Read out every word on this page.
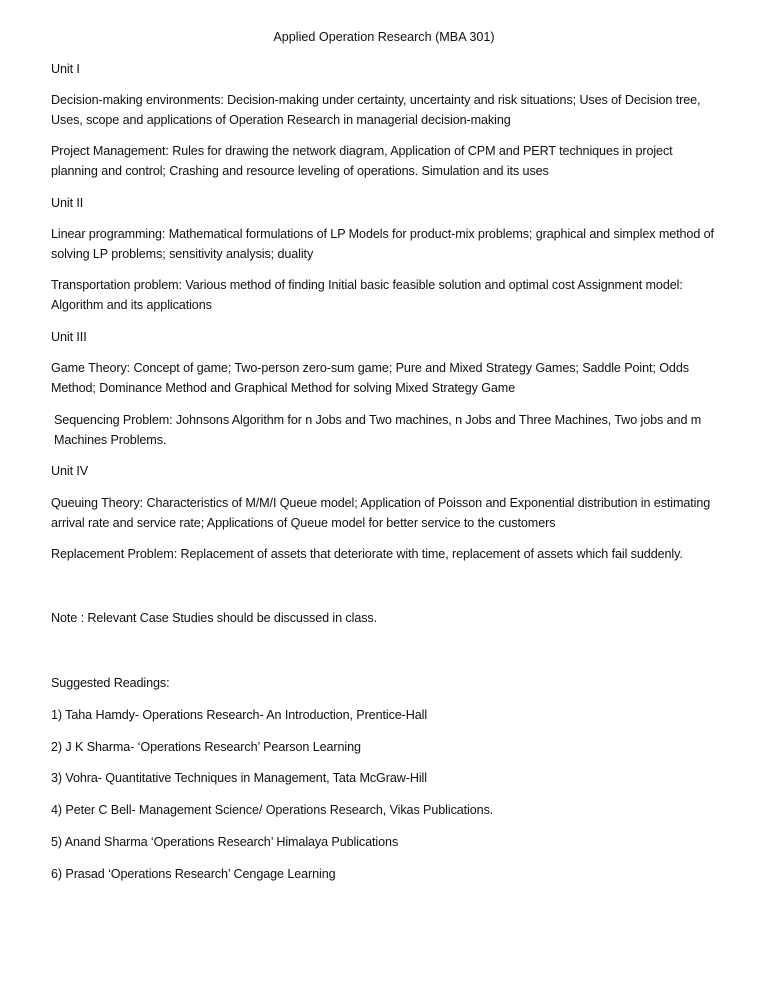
Applied Operation Research (MBA 301)
Unit I
Decision-making environments: Decision-making under certainty, uncertainty and risk situations; Uses of Decision tree, Uses, scope and applications of Operation Research in managerial decision-making
Project Management: Rules for drawing the network diagram, Application of CPM and PERT techniques in project planning and control; Crashing and resource leveling of operations. Simulation and its uses
Unit II
Linear programming: Mathematical formulations of LP Models for product-mix problems; graphical and simplex method of solving LP problems; sensitivity analysis; duality
Transportation problem: Various method of finding Initial basic feasible solution and optimal cost Assignment model: Algorithm and its applications
Unit III
Game Theory: Concept of game; Two-person zero-sum game; Pure and Mixed Strategy Games; Saddle Point; Odds Method; Dominance Method and Graphical Method for solving Mixed Strategy Game
Sequencing Problem: Johnsons Algorithm for n Jobs and Two machines, n Jobs and Three Machines, Two jobs and m Machines Problems.
Unit IV
Queuing Theory: Characteristics of M/M/I Queue model; Application of Poisson and Exponential distribution in estimating arrival rate and service rate; Applications of Queue model for better service to the customers
Replacement Problem: Replacement of assets that deteriorate with time, replacement of assets which fail suddenly.
Note : Relevant Case Studies should be discussed in class.
Suggested Readings:
1) Taha Hamdy- Operations Research- An Introduction, Prentice-Hall
2) J K Sharma- ‘Operations Research’ Pearson Learning
3) Vohra- Quantitative Techniques in Management, Tata McGraw-Hill
4) Peter C Bell- Management Science/ Operations Research, Vikas Publications.
5) Anand Sharma ‘Operations Research’ Himalaya Publications
6) Prasad ‘Operations Research’ Cengage Learning
